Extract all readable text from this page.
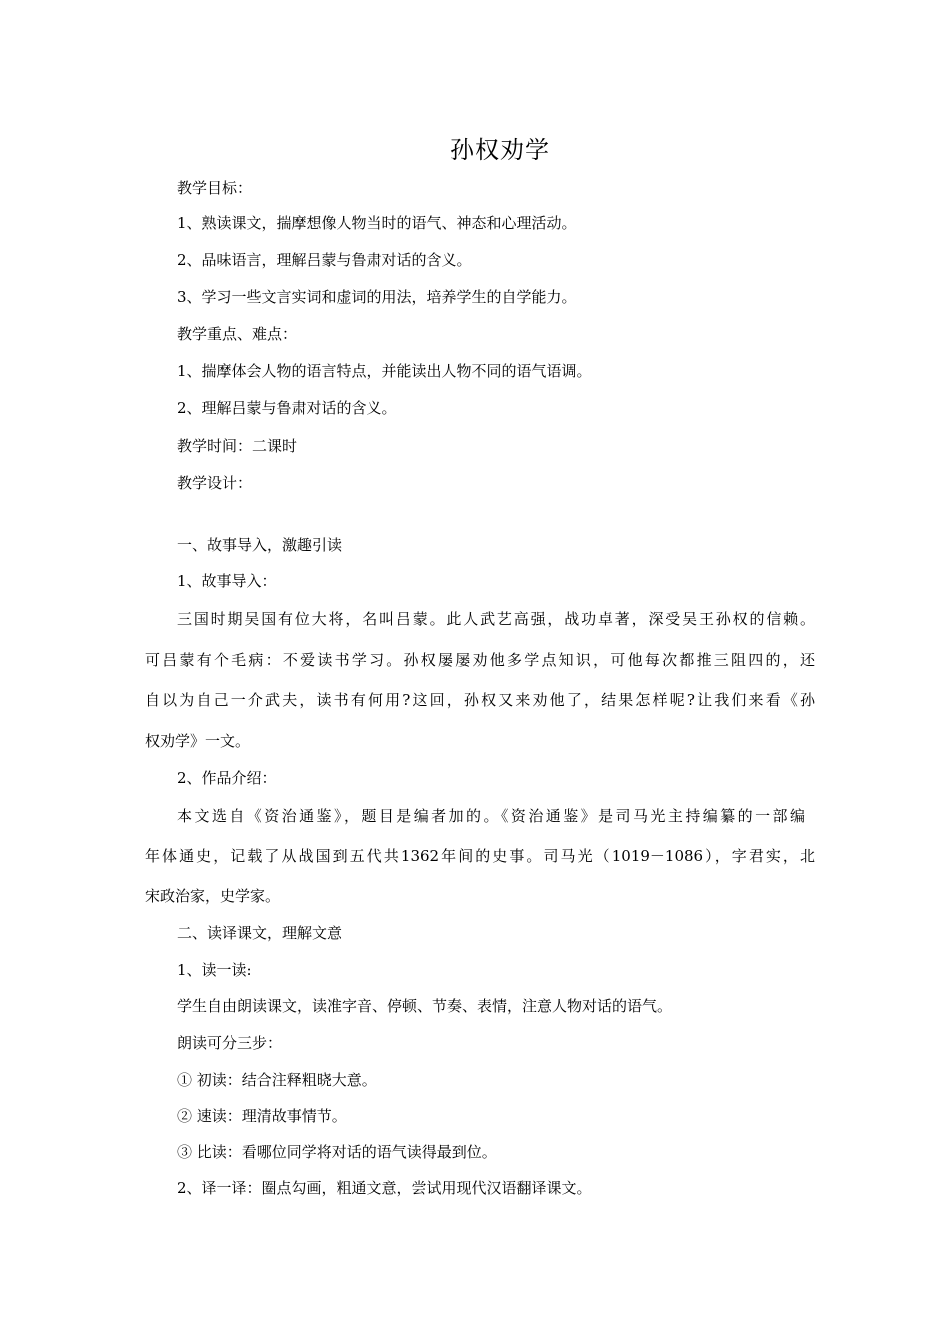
孙权劝学
教学目标：
1、熟读课文，揣摩想像人物当时的语气、神态和心理活动。
2、品味语言，理解吕蒙与鲁肃对话的含义。
3、学习一些文言实词和虚词的用法，培养学生的自学能力。
教学重点、难点：
1、揣摩体会人物的语言特点，并能读出人物不同的语气语调。
2、理解吕蒙与鲁肃对话的含义。
教学时间：二课时
教学设计：
一、故事导入，激趣引读
1、故事导入：
三国时期吴国有位大将，名叫吕蒙。此人武艺高强，战功卓著，深受吴王孙权的信赖。
可吕蒙有个毛病：不爱读书学习。孙权屡屡劝他多学点知识，可他每次都推三阻四的，还
自以为自己一介武夫，读书有何用?这回，孙权又来劝他了，结果怎样呢?让我们来看《孙
权劝学》一文。
2、作品介绍：
本文选自《资治通鉴》，题目是编者加的。《资治通鉴》是司马光主持编纂的一部编
年体通史，记载了从战国到五代共1362年间的史事。司马光（1019－1086），字君实，北
宋政治家，史学家。
二、读译课文，理解文意
1、读一读:
学生自由朗读课文，读准字音、停顿、节奏、表情，注意人物对话的语气。
朗读可分三步：
① 初读：结合注释粗晓大意。
② 速读：理清故事情节。
③ 比读：看哪位同学将对话的语气读得最到位。
2、译一译：圈点勾画，粗通文意，尝试用现代汉语翻译课文。
